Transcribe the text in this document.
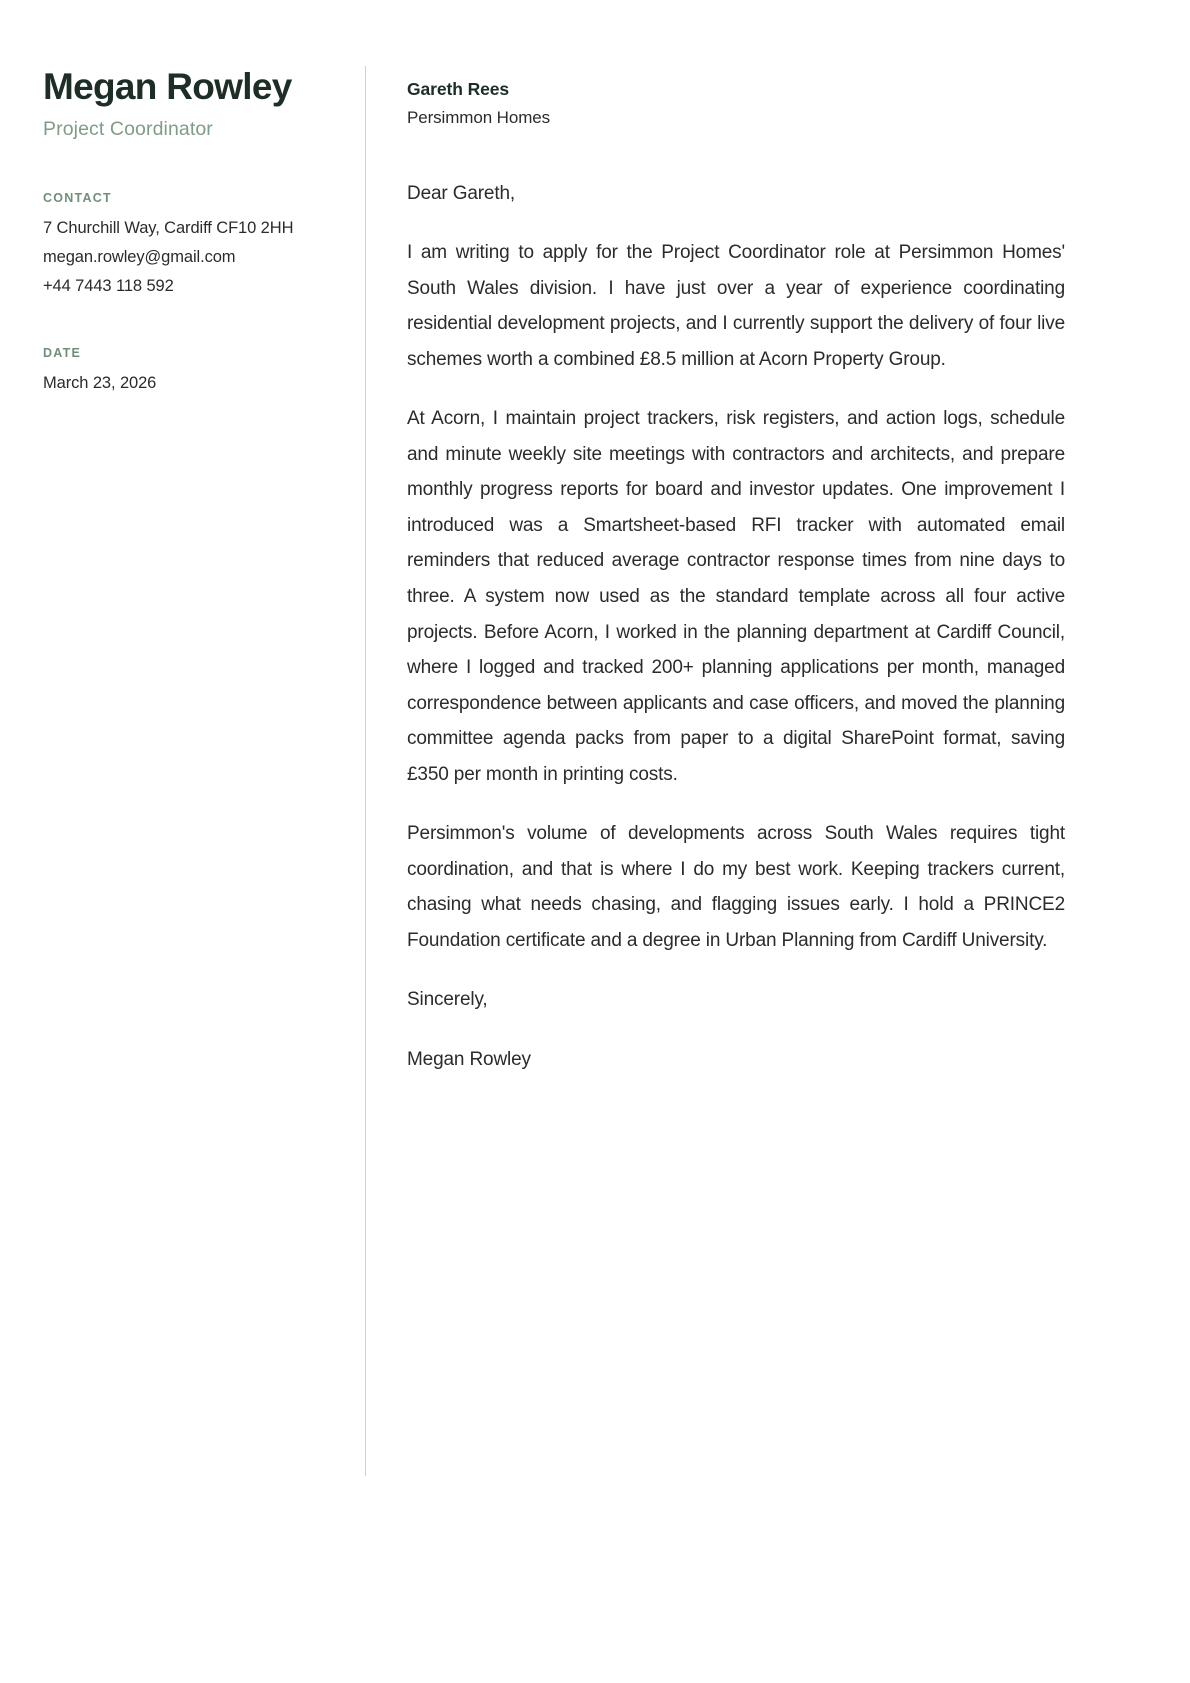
Megan Rowley

Project Coordinator

CONTACT

7 Churchill Way, Cardiff CF10 2HH

megan.rowley@gmail.com

+44 7443 118 592

DATE

March 23, 2026

Gareth Rees

Persimmon Homes

Dear Gareth,

I am writing to apply for the Project Coordinator role at Persimmon Homes' South Wales division. I have just over a year of experience coordinating residential development projects, and I currently support the delivery of four live schemes worth a combined £8.5 million at Acorn Property Group.

At Acorn, I maintain project trackers, risk registers, and action logs, schedule and minute weekly site meetings with contractors and architects, and prepare monthly progress reports for board and investor updates. One improvement I introduced was a Smartsheet-based RFI tracker with automated email reminders that reduced average contractor response times from nine days to three. A system now used as the standard template across all four active projects. Before Acorn, I worked in the planning department at Cardiff Council, where I logged and tracked 200+ planning applications per month, managed correspondence between applicants and case officers, and moved the planning committee agenda packs from paper to a digital SharePoint format, saving £350 per month in printing costs.

Persimmon's volume of developments across South Wales requires tight coordination, and that is where I do my best work. Keeping trackers current, chasing what needs chasing, and flagging issues early. I hold a PRINCE2 Foundation certificate and a degree in Urban Planning from Cardiff University.

Sincerely,

Megan Rowley
